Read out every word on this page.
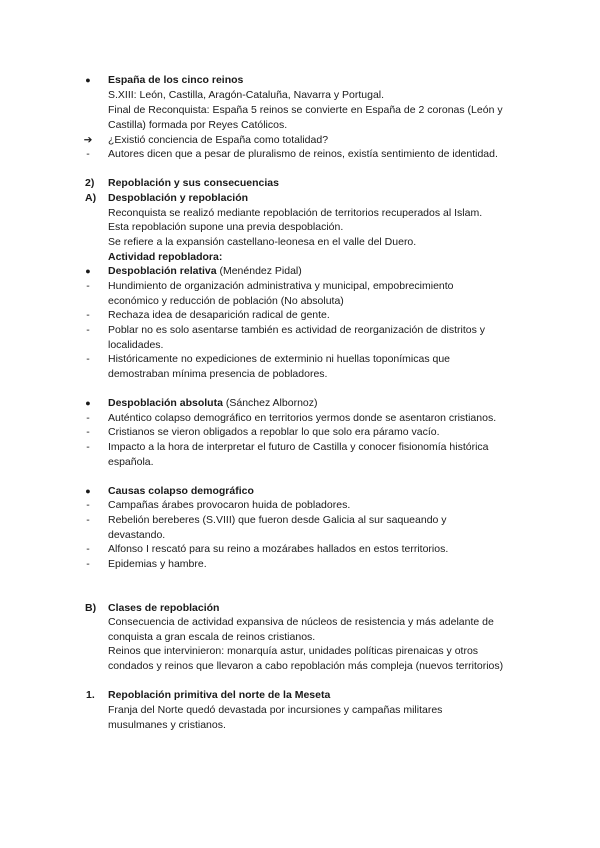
●	España de los cinco reinos
S.XIII: León, Castilla, Aragón-Cataluña, Navarra y Portugal.
Final de Reconquista: España 5 reinos se convierte en España de 2 coronas (León y
Castilla) formada por Reyes Católicos.
➔ ¿Existió conciencia de España como totalidad?
-	Autores dicen que a pesar de pluralismo de reinos, existía sentimiento de identidad.
2) Repoblación y sus consecuencias
A) Despoblación y repoblación
Reconquista se realizó mediante repoblación de territorios recuperados al Islam.
Esta repoblación supone una previa despoblación.
Se refiere a la expansión castellano-leonesa en el valle del Duero.
Actividad repobladora:
●	Despoblación relativa (Menéndez Pidal)
-	Hundimiento de organización administrativa y municipal, empobrecimiento
económico y reducción de población (No absoluta)
-	Rechaza idea de desaparición radical de gente.
-	Poblar no es solo asentarse también es actividad de reorganización de distritos y
localidades.
-	Históricamente no expediciones de exterminio ni huellas toponímicas que
demostraban mínima presencia de pobladores.
●	Despoblación absoluta (Sánchez Albornoz)
-	Auténtico colapso demográfico en territorios yermos donde se asentaron cristianos.
-	Cristianos se vieron obligados a repoblar lo que solo era páramo vacío.
-	Impacto a la hora de interpretar el futuro de Castilla y conocer fisionomía histórica
española.
●	Causas colapso demográfico
-	Campañas árabes provocaron huida de pobladores.
-	Rebelión bereberes (S.VIII) que fueron desde Galicia al sur saqueando y
devastando.
-	Alfonso I rescató para su reino a mozárabes hallados en estos territorios.
-	Epidemias y hambre.
B) Clases de repoblación
Consecuencia de actividad expansiva de núcleos de resistencia y más adelante de
conquista a gran escala de reinos cristianos.
Reinos que intervinieron: monarquía astur, unidades políticas pirenaicas y otros
condados y reinos que llevaron a cabo repoblación más compleja (nuevos territorios)
1. Repoblación primitiva del norte de la Meseta
Franja del Norte quedó devastada por incursiones y campañas militares
musulmanes y cristianos.
